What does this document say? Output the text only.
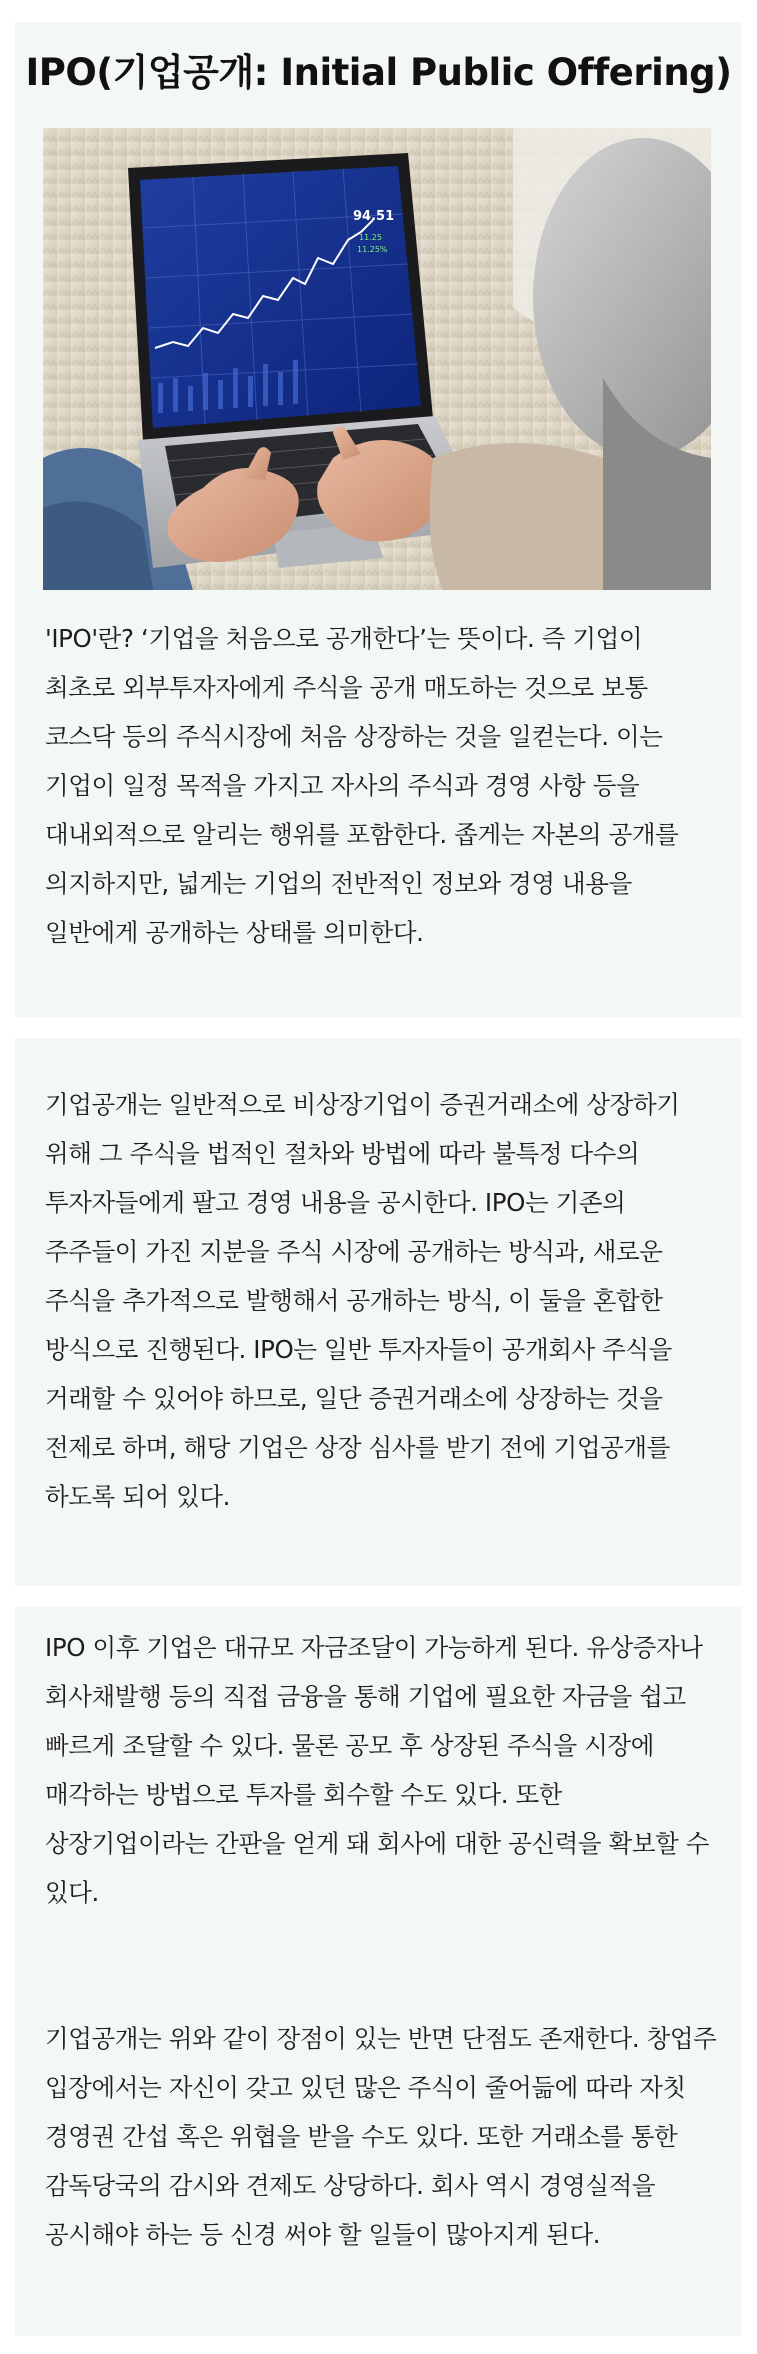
IPO(기업공개: Initial Public Offering)
94.51
11.25
11.25%

'IPO'란? ‘기업을 처음으로 공개한다’는 뜻이다. 즉 기업이 최초로 외부투자자에게 주식을 공개 매도하는 것으로 보통 코스닥 등의 주식시장에 처음 상장하는 것을 일컫는다. 이는 기업이 일정 목적을 가지고 자사의 주식과 경영 사항 등을 대내외적으로 알리는 행위를 포함한다. 좁게는 자본의 공개를 의지하지만, 넓게는 기업의 전반적인 정보와 경영 내용을 일반에게 공개하는 상태를 의미한다.

기업공개는 일반적으로 비상장기업이 증권거래소에 상장하기 위해 그 주식을 법적인 절차와 방법에 따라 불특정 다수의 투자자들에게 팔고 경영 내용을 공시한다. IPO는 기존의 주주들이 가진 지분을 주식 시장에 공개하는 방식과, 새로운 주식을 추가적으로 발행해서 공개하는 방식, 이 둘을 혼합한 방식으로 진행된다. IPO는 일반 투자자들이 공개회사 주식을 거래할 수 있어야 하므로, 일단 증권거래소에 상장하는 것을 전제로 하며, 해당 기업은 상장 심사를 받기 전에 기업공개를 하도록 되어 있다.

IPO 이후 기업은 대규모 자금조달이 가능하게 된다. 유상증자나 회사채발행 등의 직접 금융을 통해 기업에 필요한 자금을 쉽고 빠르게 조달할 수 있다. 물론 공모 후 상장된 주식을 시장에 매각하는 방법으로 투자를 회수할 수도 있다. 또한 상장기업이라는 간판을 얻게 돼 회사에 대한 공신력을 확보할 수 있다.

기업공개는 위와 같이 장점이 있는 반면 단점도 존재한다. 창업주 입장에서는 자신이 갖고 있던 많은 주식이 줄어듦에 따라 자칫 경영권 간섭 혹은 위협을 받을 수도 있다. 또한 거래소를 통한 감독당국의 감시와 견제도 상당하다. 회사 역시 경영실적을 공시해야 하는 등 신경 써야 할 일들이 많아지게 된다.
